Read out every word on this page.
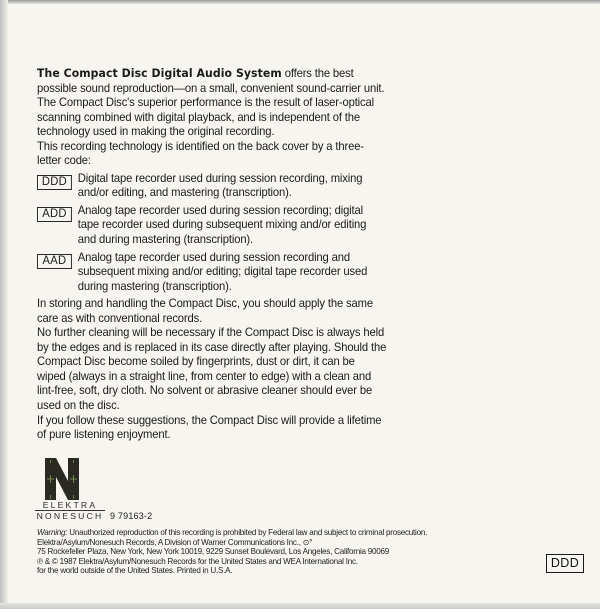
The Compact Disc Digital Audio System offers the best possible sound reproduction—on a small, convenient sound-carrier unit.

The Compact Disc's superior performance is the result of laser-optical scanning combined with digital playback, and is independent of the technology used in making the original recording.

This recording technology is identified on the back cover by a three-letter code:

DDD Digital tape recorder used during session recording, mixing and/or editing, and mastering (transcription).
ADD Analog tape recorder used during session recording; digital tape recorder used during subsequent mixing and/or editing and during mastering (transcription).
AAD Analog tape recorder used during session recording and subsequent mixing and/or editing; digital tape recorder used during mastering (transcription).

In storing and handling the Compact Disc, you should apply the same care as with conventional records.

No further cleaning will be necessary if the Compact Disc is always held by the edges and is replaced in its case directly after playing. Should the Compact Disc become soiled by fingerprints, dust or dirt, it can be wiped (always in a straight line, from center to edge) with a clean and lint-free, soft, dry cloth. No solvent or abrasive cleaner should ever be used on the disc.

If you follow these suggestions, the Compact Disc will provide a lifetime of pure listening enjoyment.

ELEKTRA
NONESUCH 9 79163-2

Warning: Unauthorized reproduction of this recording is prohibited by Federal law and subject to criminal prosecution.

Elektra/Asylum/Nonesuch Records, A Division of Warner Communications Inc., ⊙°

75 Rockefeller Plaza, New York, New York 10019, 9229 Sunset Boulevard, Los Angeles, California 90069

℗ & © 1987 Elektra/Asylum/Nonesuch Records for the United States and WEA International Inc.

for the world outside of the United States. Printed in U.S.A.

DDD
